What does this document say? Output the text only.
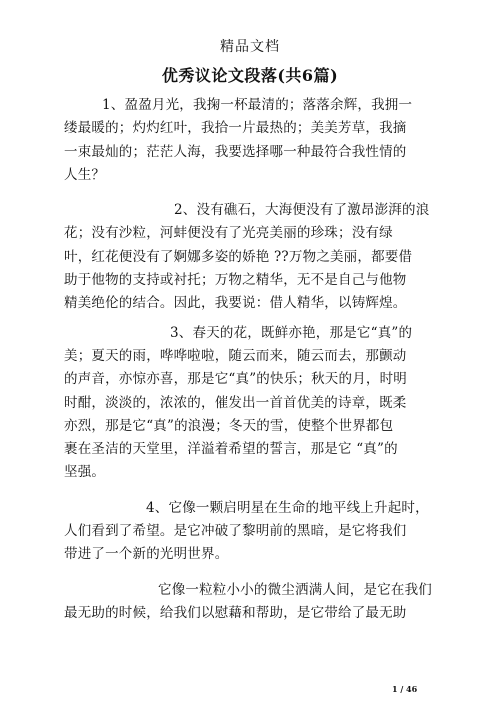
精品文档
优秀议论文段落(共6篇)
1、盈盈月光，我掬一杯最清的；落落余辉，我拥一
缕最暖的；灼灼红叶，我拾一片最热的；美美芳草，我摘
一束最灿的；茫茫人海，我要选择哪一种最符合我性情的
人生？
2、没有礁石，大海便没有了激昂澎湃的浪
花；没有沙粒，河蚌便没有了光亮美丽的珍珠；没有绿
叶，红花便没有了婀娜多姿的娇艳 ??万物之美丽，都要借
助于他物的支持或衬托；万物之精华，无不是自己与他物
精美绝伦的结合。因此，我要说：借人精华，以铸辉煌。
3、春天的花，既鲜亦艳，那是它“真”的
美；夏天的雨，哗哗啦啦，随云而来，随云而去，那颤动
的声音，亦惊亦喜，那是它“真”的快乐；秋天的月，时明
时酣，淡淡的，浓浓的，催发出一首首优美的诗章，既柔
亦烈，那是它“真”的浪漫；冬天的雪，使整个世界都包
裹在圣洁的天堂里，洋溢着希望的誓言，那是它 “真”的
坚强。
4、它像一颗启明星在生命的地平线上升起时，
人们看到了希望。是它冲破了黎明前的黑暗，是它将我们
带进了一个新的光明世界。
它像一粒粒小小的微尘洒满人间，是它在我们
最无助的时候，给我们以慰藉和帮助，是它带给了最无助
1 / 46
